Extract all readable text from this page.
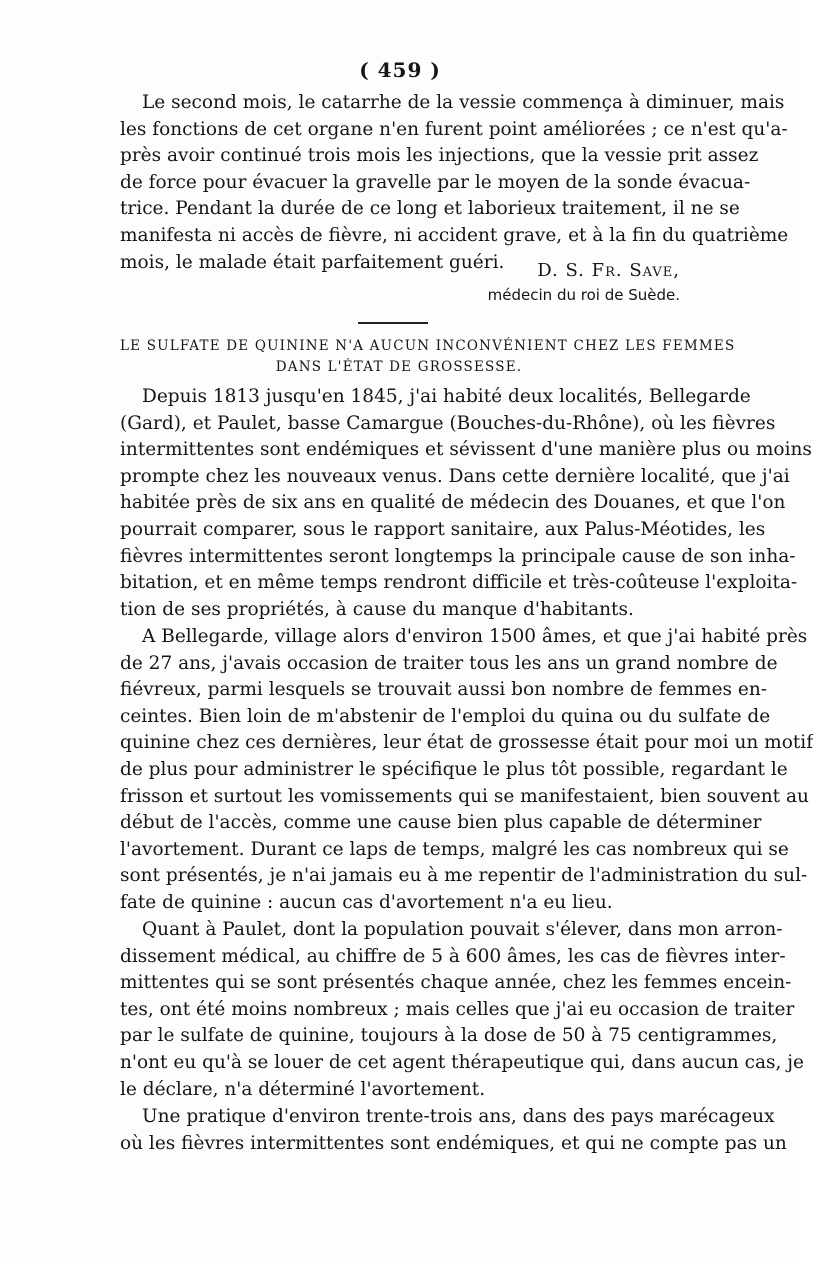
( 459 )
Le second mois, le catarrhe de la vessie commença à diminuer, mais
les fonctions de cet organe n'en furent point améliorées ; ce n'est qu'a-
près avoir continué trois mois les injections, que la vessie prit assez
de force pour évacuer la gravelle par le moyen de la sonde évacua-
trice. Pendant la durée de ce long et laborieux traitement, il ne se
manifesta ni accès de fièvre, ni accident grave, et à la fin du quatrième
mois, le malade était parfaitement guéri.	D. S. Fr. Save,
médecin du roi de Suède.
LE SULFATE DE QUININE N'A AUCUN INCONVÉNIENT CHEZ LES FEMMES
DANS L'ÉTAT DE GROSSESSE.
Depuis 1813 jusqu'en 1845, j'ai habité deux localités, Bellegarde
(Gard), et Paulet, basse Camargue (Bouches-du-Rhône), où les fièvres
intermittentes sont endémiques et sévissent d'une manière plus ou moins
prompte chez les nouveaux venus. Dans cette dernière localité, que j'ai
habitée près de six ans en qualité de médecin des Douanes, et que l'on
pourrait comparer, sous le rapport sanitaire, aux Palus-Méotides, les
fièvres intermittentes seront longtemps la principale cause de son inha-
bitation, et en même temps rendront difficile et très-coûteuse l'exploita-
tion de ses propriétés, à cause du manque d'habitants.
A Bellegarde, village alors d'environ 1500 âmes, et que j'ai habité près
de 27 ans, j'avais occasion de traiter tous les ans un grand nombre de
fiévreux, parmi lesquels se trouvait aussi bon nombre de femmes en-
ceintes. Bien loin de m'abstenir de l'emploi du quina ou du sulfate de
quinine chez ces dernières, leur état de grossesse était pour moi un motif
de plus pour administrer le spécifique le plus tôt possible, regardant le
frisson et surtout les vomissements qui se manifestaient, bien souvent au
début de l'accès, comme une cause bien plus capable de déterminer
l'avortement. Durant ce laps de temps, malgré les cas nombreux qui se
sont présentés, je n'ai jamais eu à me repentir de l'administration du sul-
fate de quinine : aucun cas d'avortement n'a eu lieu.
Quant à Paulet, dont la population pouvait s'élever, dans mon arron-
dissement médical, au chiffre de 5 à 600 âmes, les cas de fièvres inter-
mittentes qui se sont présentés chaque année, chez les femmes encein-
tes, ont été moins nombreux ; mais celles que j'ai eu occasion de traiter
par le sulfate de quinine, toujours à la dose de 50 à 75 centigrammes,
n'ont eu qu'à se louer de cet agent thérapeutique qui, dans aucun cas, je
le déclare, n'a déterminé l'avortement.
Une pratique d'environ trente-trois ans, dans des pays marécageux
où les fièvres intermittentes sont endémiques, et qui ne compte pas un
